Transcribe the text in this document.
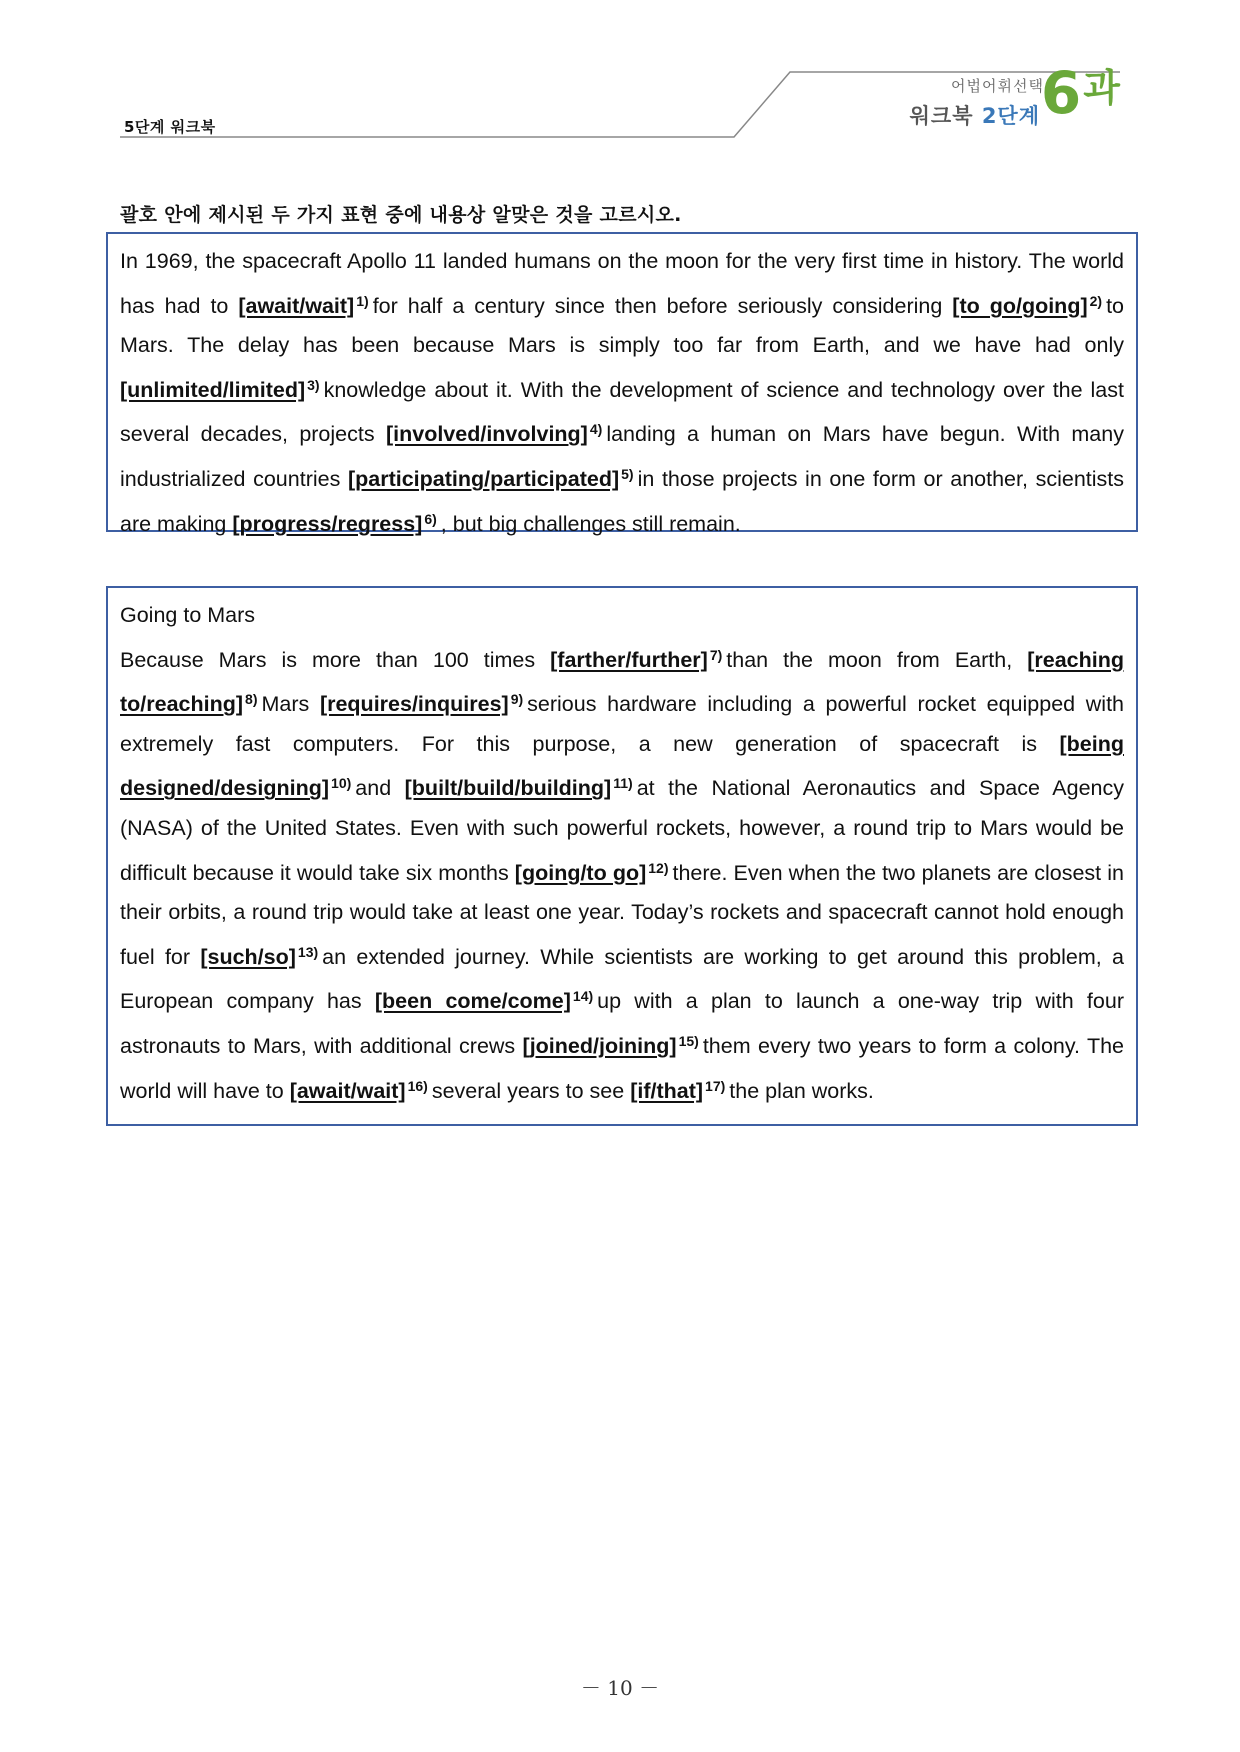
5단계 워크북
어법어휘선택
워크북 2단계 6과
괄호 안에 제시된 두 가지 표현 중에 내용상 알맞은 것을 고르시오.

In 1969, the spacecraft Apollo 11 landed humans on the moon for the very first time in history. The world has had to [await/wait] $^{1)}$ for half a century since then before seriously considering [to go/going] $^{2)}$ to Mars. The delay has been because Mars is simply too far from Earth, and we have had only [unlimited/limited] $^{3)}$ knowledge about it. With the development of science and technology over the last several decades, projects [involved/involving] $^{4)}$ landing a human on Mars have begun. With many industrialized countries [participating/participated] $^{5)}$ in those projects in one form or another, scientists are making [progress/regress] $^{6)}$ , but big challenges still remain.

Going to Mars

Because Mars is more than 100 times [farther/further] $^{7)}$ than the moon from Earth, [reaching to/reaching] $^{8)}$ Mars [requires/inquires] $^{9)}$ serious hardware including a powerful rocket equipped with extremely fast computers. For this purpose, a new generation of spacecraft is [being designed/designing] $^{10)}$ and [built/build/building] $^{11)}$ at the National Aeronautics and Space Agency (NASA) of the United States. Even with such powerful rockets, however, a round trip to Mars would be difficult because it would take six months [going/to go] $^{12)}$ there. Even when the two planets are closest in their orbits, a round trip would take at least one year. Today’s rockets and spacecraft cannot hold enough fuel for [such/so] $^{13)}$ an extended journey. While scientists are working to get around this problem, a European company has [been come/come] $^{14)}$ up with a plan to launch a one-way trip with four astronauts to Mars, with additional crews [joined/joining] $^{15)}$ them every two years to form a colony. The world will have to [await/wait] $^{16)}$ several years to see [if/that] $^{17)}$ the plan works.

－ 10 －
